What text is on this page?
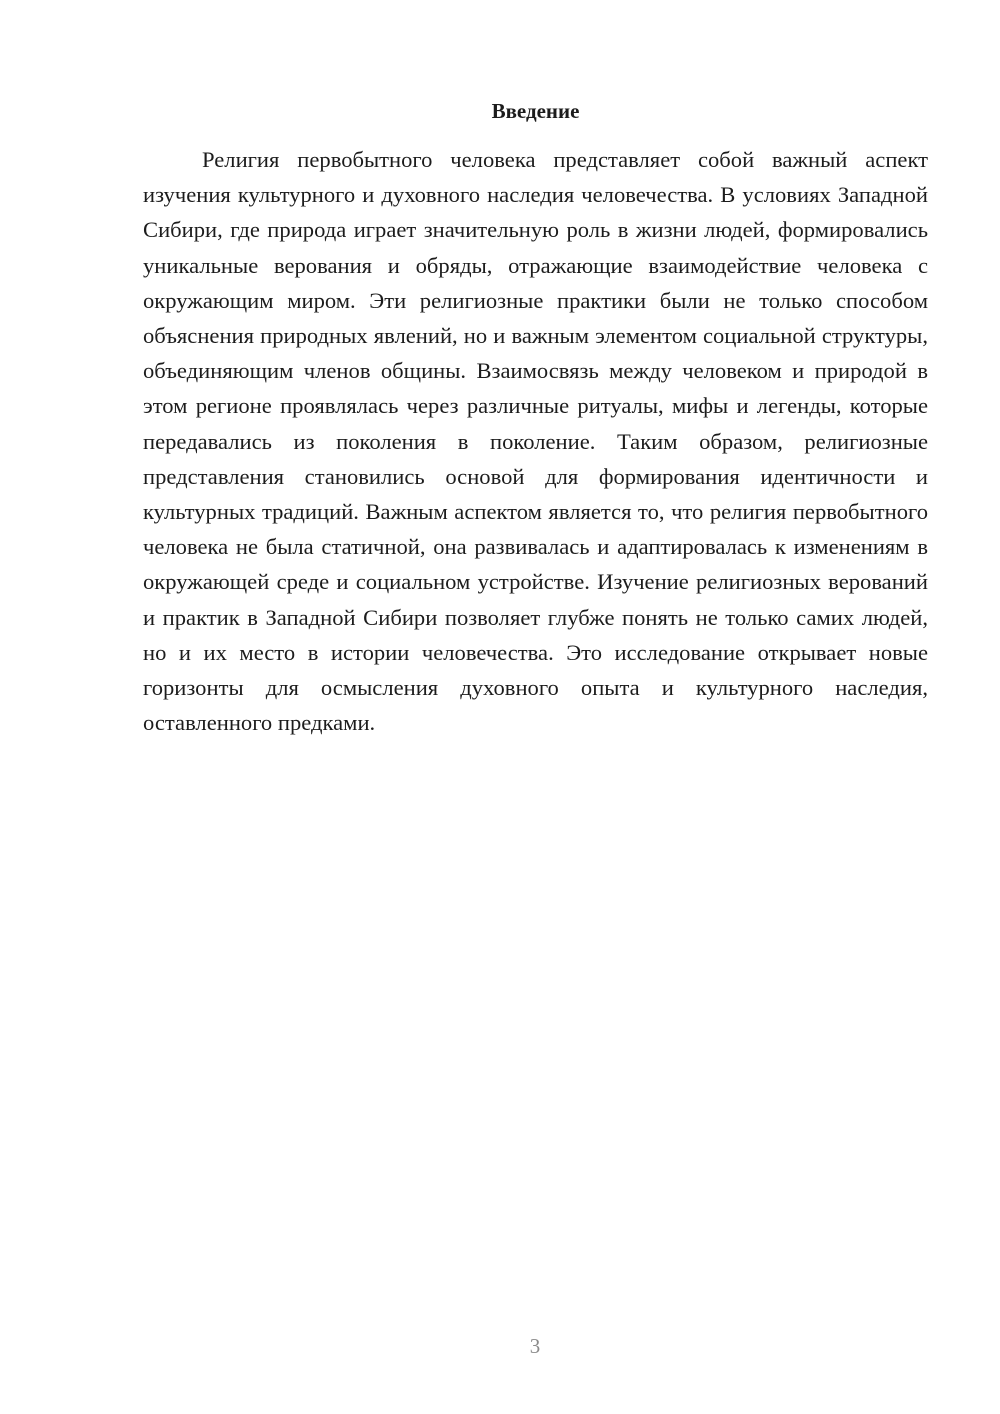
Введение

Религия первобытного человека представляет собой важный аспект изучения культурного и духовного наследия человечества. В условиях Западной Сибири, где природа играет значительную роль в жизни людей, формировались уникальные верования и обряды, отражающие взаимодействие человека с окружающим миром. Эти религиозные практики были не только способом объяснения природных явлений, но и важным элементом социальной структуры, объединяющим членов общины. Взаимосвязь между человеком и природой в этом регионе проявлялась через различные ритуалы, мифы и легенды, которые передавались из поколения в поколение. Таким образом, религиозные представления становились основой для формирования идентичности и культурных традиций. Важным аспектом является то, что религия первобытного человека не была статичной, она развивалась и адаптировалась к изменениям в окружающей среде и социальном устройстве. Изучение религиозных верований и практик в Западной Сибири позволяет глубже понять не только самих людей, но и их место в истории человечества. Это исследование открывает новые горизонты для осмысления духовного опыта и культурного наследия, оставленного предками.

3
